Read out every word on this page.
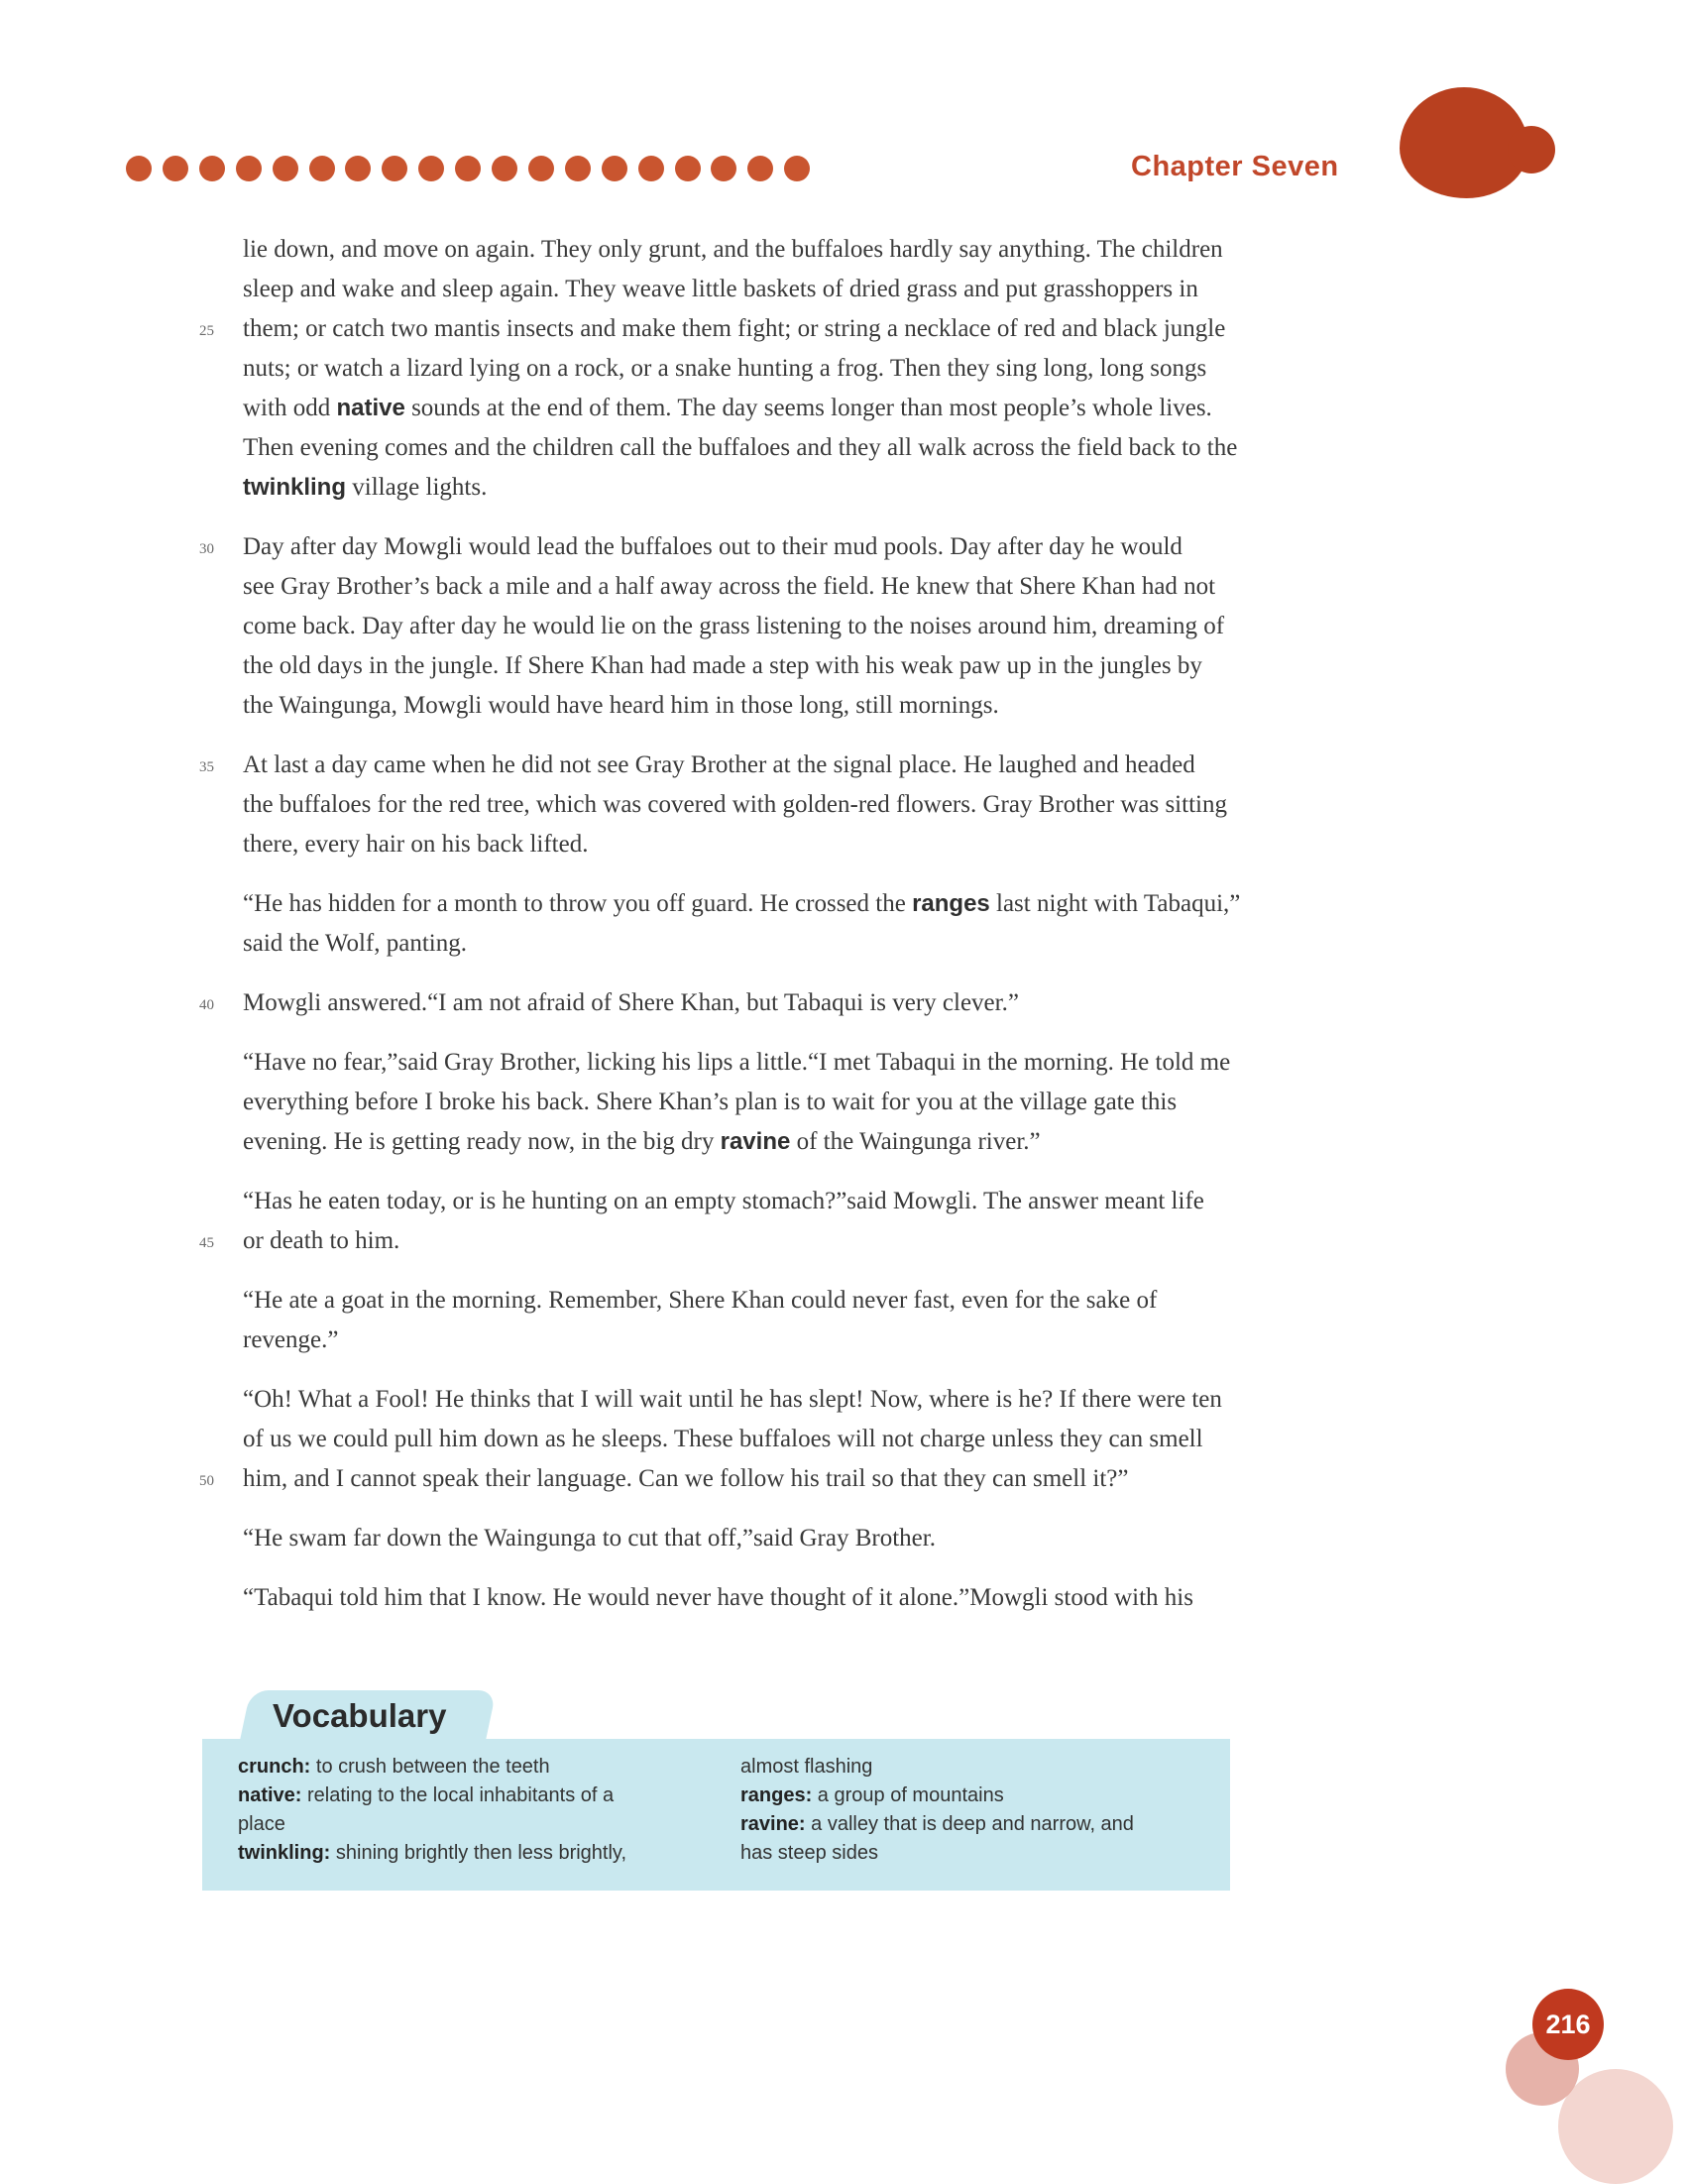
Chapter Seven

lie down, and move on again. They only grunt, and the buffaloes hardly say anything. The children
sleep and wake and sleep again. They weave little baskets of dried grass and put grasshoppers in
25 them; or catch two mantis insects and make them fight; or string a necklace of red and black jungle
nuts; or watch a lizard lying on a rock, or a snake hunting a frog. Then they sing long, long songs
with odd native sounds at the end of them. The day seems longer than most people’s whole lives.
Then evening comes and the children call the buffaloes and they all walk across the field back to the
twinkling village lights.

30 Day after day Mowgli would lead the buffaloes out to their mud pools. Day after day he would
see Gray Brother’s back a mile and a half away across the field. He knew that Shere Khan had not
come back. Day after day he would lie on the grass listening to the noises around him, dreaming of
the old days in the jungle. If Shere Khan had made a step with his weak paw up in the jungles by
the Waingunga, Mowgli would have heard him in those long, still mornings.

35 At last a day came when he did not see Gray Brother at the signal place. He laughed and headed
the buffaloes for the red tree, which was covered with golden-red flowers. Gray Brother was sitting
there, every hair on his back lifted.

“He has hidden for a month to throw you off guard. He crossed the ranges last night with Tabaqui,”
said the Wolf, panting.

40 Mowgli answered.“I am not afraid of Shere Khan, but Tabaqui is very clever.”

“Have no fear,”said Gray Brother, licking his lips a little.“I met Tabaqui in the morning. He told me
everything before I broke his back. Shere Khan’s plan is to wait for you at the village gate this
evening. He is getting ready now, in the big dry ravine of the Waingunga river.”

“Has he eaten today, or is he hunting on an empty stomach?”said Mowgli. The answer meant life
45 or death to him.

“He ate a goat in the morning. Remember, Shere Khan could never fast, even for the sake of
revenge.”

“Oh! What a Fool! He thinks that I will wait until he has slept! Now, where is he? If there were ten
of us we could pull him down as he sleeps. These buffaloes will not charge unless they can smell
50 him, and I cannot speak their language. Can we follow his trail so that they can smell it?”

“He swam far down the Waingunga to cut that off,”said Gray Brother.

“Tabaqui told him that I know. He would never have thought of it alone.”Mowgli stood with his

Vocabulary
crunch: to crush between the teeth
native: relating to the local inhabitants of a
place
twinkling: shining brightly then less brightly,
almost flashing
ranges: a group of mountains
ravine: a valley that is deep and narrow, and
has steep sides
216
